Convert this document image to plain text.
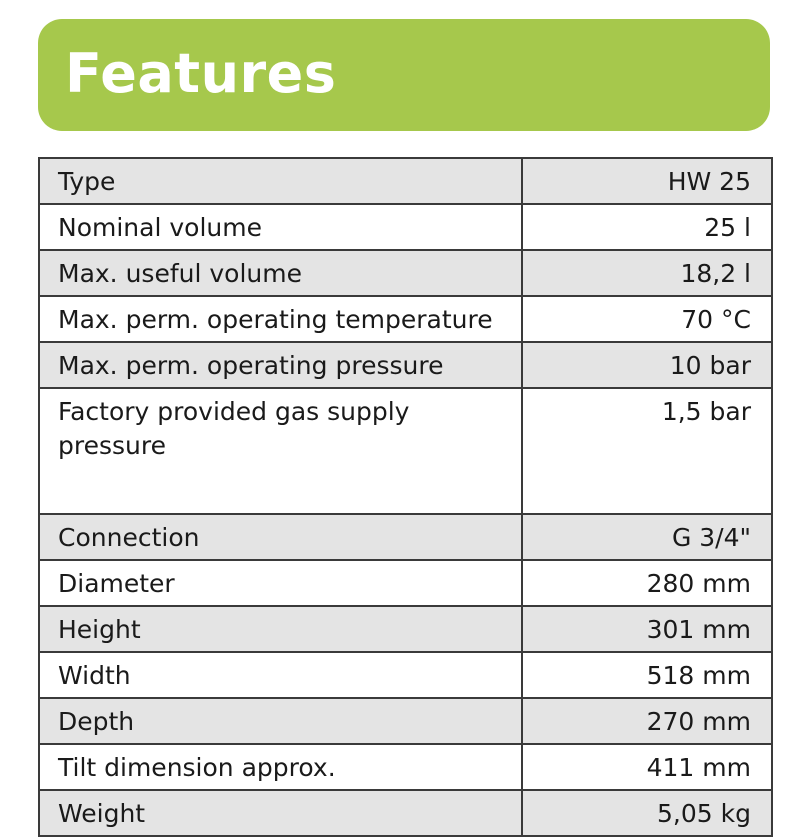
Features
Type	HW 25
Nominal volume	25 l
Max. useful volume	18,2 l
Max. perm. operating temperature	70 °C
Max. perm. operating pressure	10 bar
Factory provided gas supply pressure	1,5 bar
Connection	G 3/4"
Diameter	280 mm
Height	301 mm
Width	518 mm
Depth	270 mm
Tilt dimension approx.	411 mm
Weight	5,05 kg
